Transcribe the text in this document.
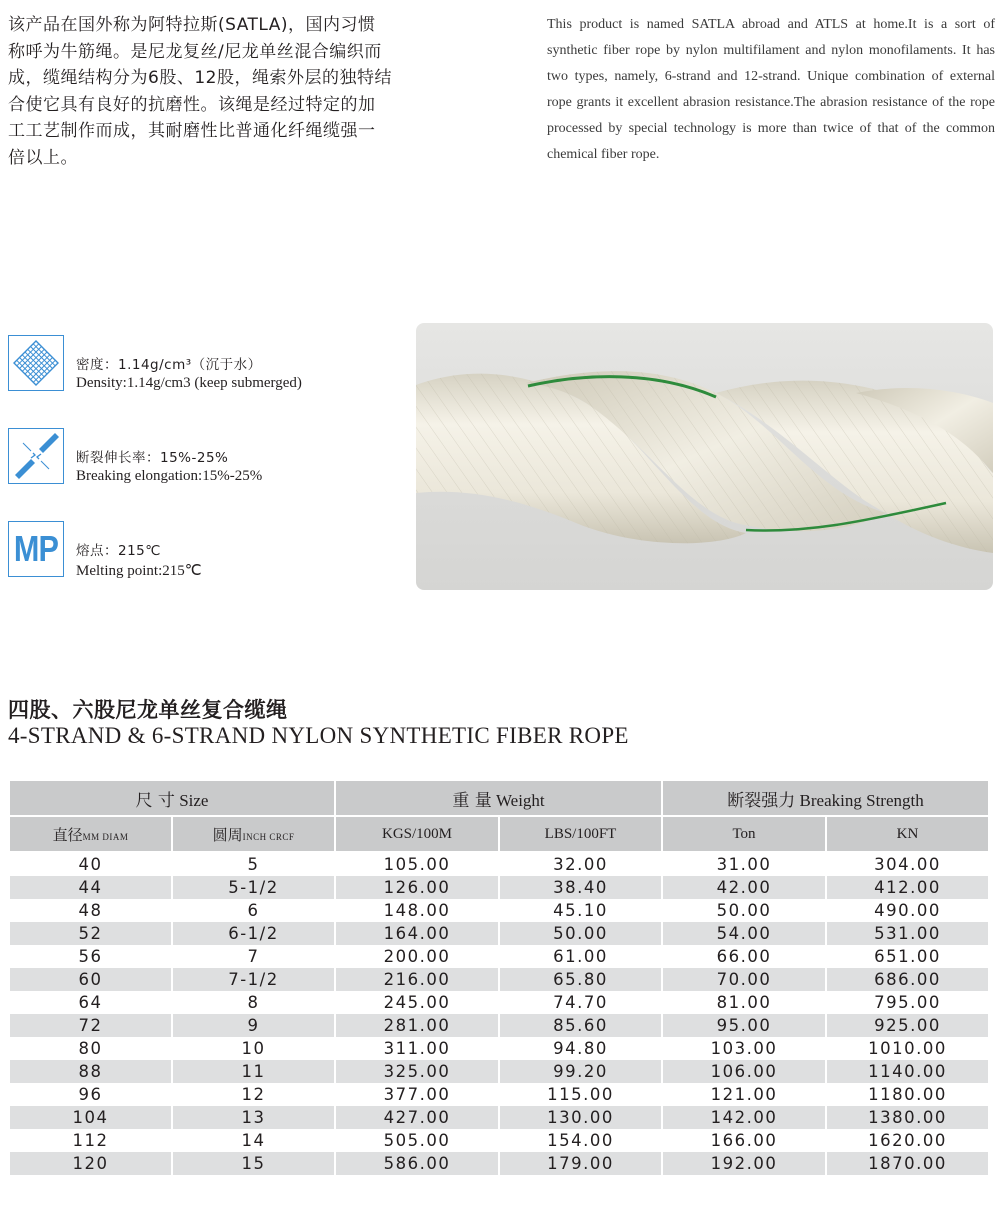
该产品在国外称为阿特拉斯(SATLA)，国内习惯
称呼为牛筋绳。是尼龙复丝/尼龙单丝混合编织而
成，缆绳结构分为6股、12股，绳索外层的独特结
合使它具有良好的抗磨性。该绳是经过特定的加
工工艺制作而成，其耐磨性比普通化纤绳缆强一
倍以上。
This product is named SATLA abroad and ATLS at home.It is a sort of synthetic fiber rope by nylon multifilament and nylon monofilaments. It has two types, namely, 6-strand and 12-strand. Unique combination of external rope grants it excellent abrasion resistance.The abrasion resistance of the rope processed by special technology is more than twice of that of the common chemical fiber rope.
密度：1.14g/cm³（沉于水）
Density:1.14g/cm3 (keep submerged)
断裂伸长率：15%-25%
Breaking elongation:15%-25%
MP 熔点：215℃
Melting point:215℃
四股、六股尼龙单丝复合缆绳
4-STRAND & 6-STRAND NYLON SYNTHETIC FIBER ROPE
尺 寸 Size		重 量 Weight		断裂强力 Breaking Strength	
直径MM DIAM	圆周INCH CRCF	KGS/100M	LBS/100FT	Ton	KN
40	5	105.00	32.00	31.00	304.00
44	5-1/2	126.00	38.40	42.00	412.00
48	6	148.00	45.10	50.00	490.00
52	6-1/2	164.00	50.00	54.00	531.00
56	7	200.00	61.00	66.00	651.00
60	7-1/2	216.00	65.80	70.00	686.00
64	8	245.00	74.70	81.00	795.00
72	9	281.00	85.60	95.00	925.00
80	10	311.00	94.80	103.00	1010.00
88	11	325.00	99.20	106.00	1140.00
96	12	377.00	115.00	121.00	1180.00
104	13	427.00	130.00	142.00	1380.00
112	14	505.00	154.00	166.00	1620.00
120	15	586.00	179.00	192.00	1870.00
